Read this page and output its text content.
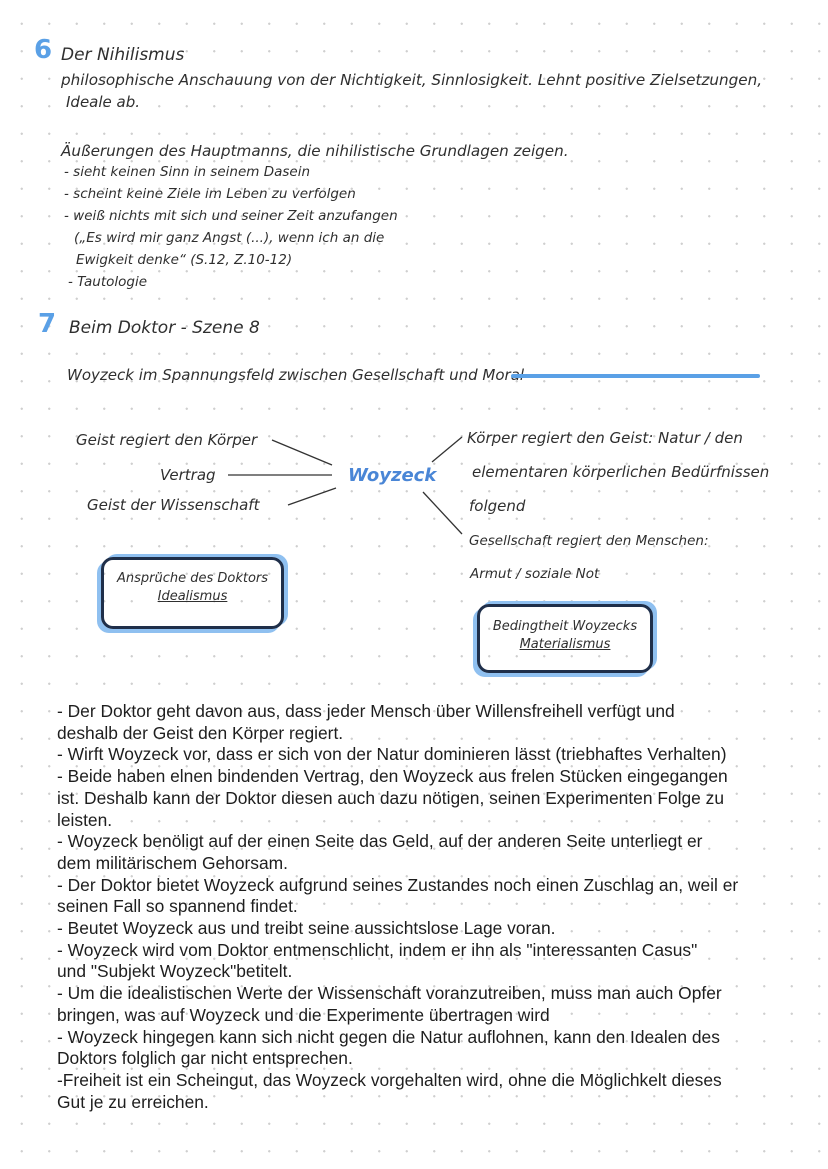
6 Der Nihilismus
philosophische Anschauung von der Nichtigkeit, Sinnlosigkeit. Lehnt positive Zielsetzungen,
Ideale ab.
Äußerungen des Hauptmanns, die nihilistische Grundlagen zeigen.
- sieht keinen Sinn in seinem Dasein
- scheint keine Ziele im Leben zu verfolgen
- weiß nichts mit sich und seiner Zeit anzufangen
(„Es wird mir ganz Angst (...), wenn ich an die
Ewigkeit denke“ (S.12, Z.10-12)
- Tautologie
7 Beim Doktor - Szene 8
Woyzeck im Spannungsfeld zwischen Gesellschaft und Moral
Geist regiert den Körper
Vertrag
Geist der Wissenschaft
Woyzeck
Körper regiert den Geist: Natur / den
elementaren körperlichen Bedürfnissen
folgend
Gesellschaft regiert den Menschen:
Armut / soziale Not
Ansprüche des Doktors
Idealismus
Bedingtheit Woyzecks
Materialismus

- Der Doktor geht davon aus, dass jeder Mensch über Willensfreihell verfügt und

deshalb der Geist den Körper regiert.

- Wirft Woyzeck vor, dass er sich von der Natur dominieren lässt (triebhaftes Verhalten)

- Beide haben elnen bindenden Vertrag, den Woyzeck aus frelen Stücken eingegangen

ist. Deshalb kann der Doktor diesen auch dazu nötigen, seinen Experimenten Folge zu

leisten.

- Woyzeck benöligt auf der einen Seite das Geld, auf der anderen Seite unterliegt er

dem militärischem Gehorsam.

- Der Doktor bietet Woyzeck aufgrund seines Zustandes noch einen Zuschlag an, weil er

seinen Fall so spannend findet.

- Beutet Woyzeck aus und treibt seine aussichtslose Lage voran.

- Woyzeck wird vom Doktor entmenschlicht, indem er ihn als "interessanten Casus"

und "Subjekt Woyzeck"betitelt.

- Um die idealistischen Werte der Wissenschaft voranzutreiben, muss man auch Opfer

bringen, was auf Woyzeck und die Experimente übertragen wird

- Woyzeck hingegen kann sich nicht gegen die Natur auflohnen, kann den Idealen des

Doktors folglich gar nicht entsprechen.

-Freiheit ist ein Scheingut, das Woyzeck vorgehalten wird, ohne die Möglichkelt dieses

Gut je zu erreichen.
